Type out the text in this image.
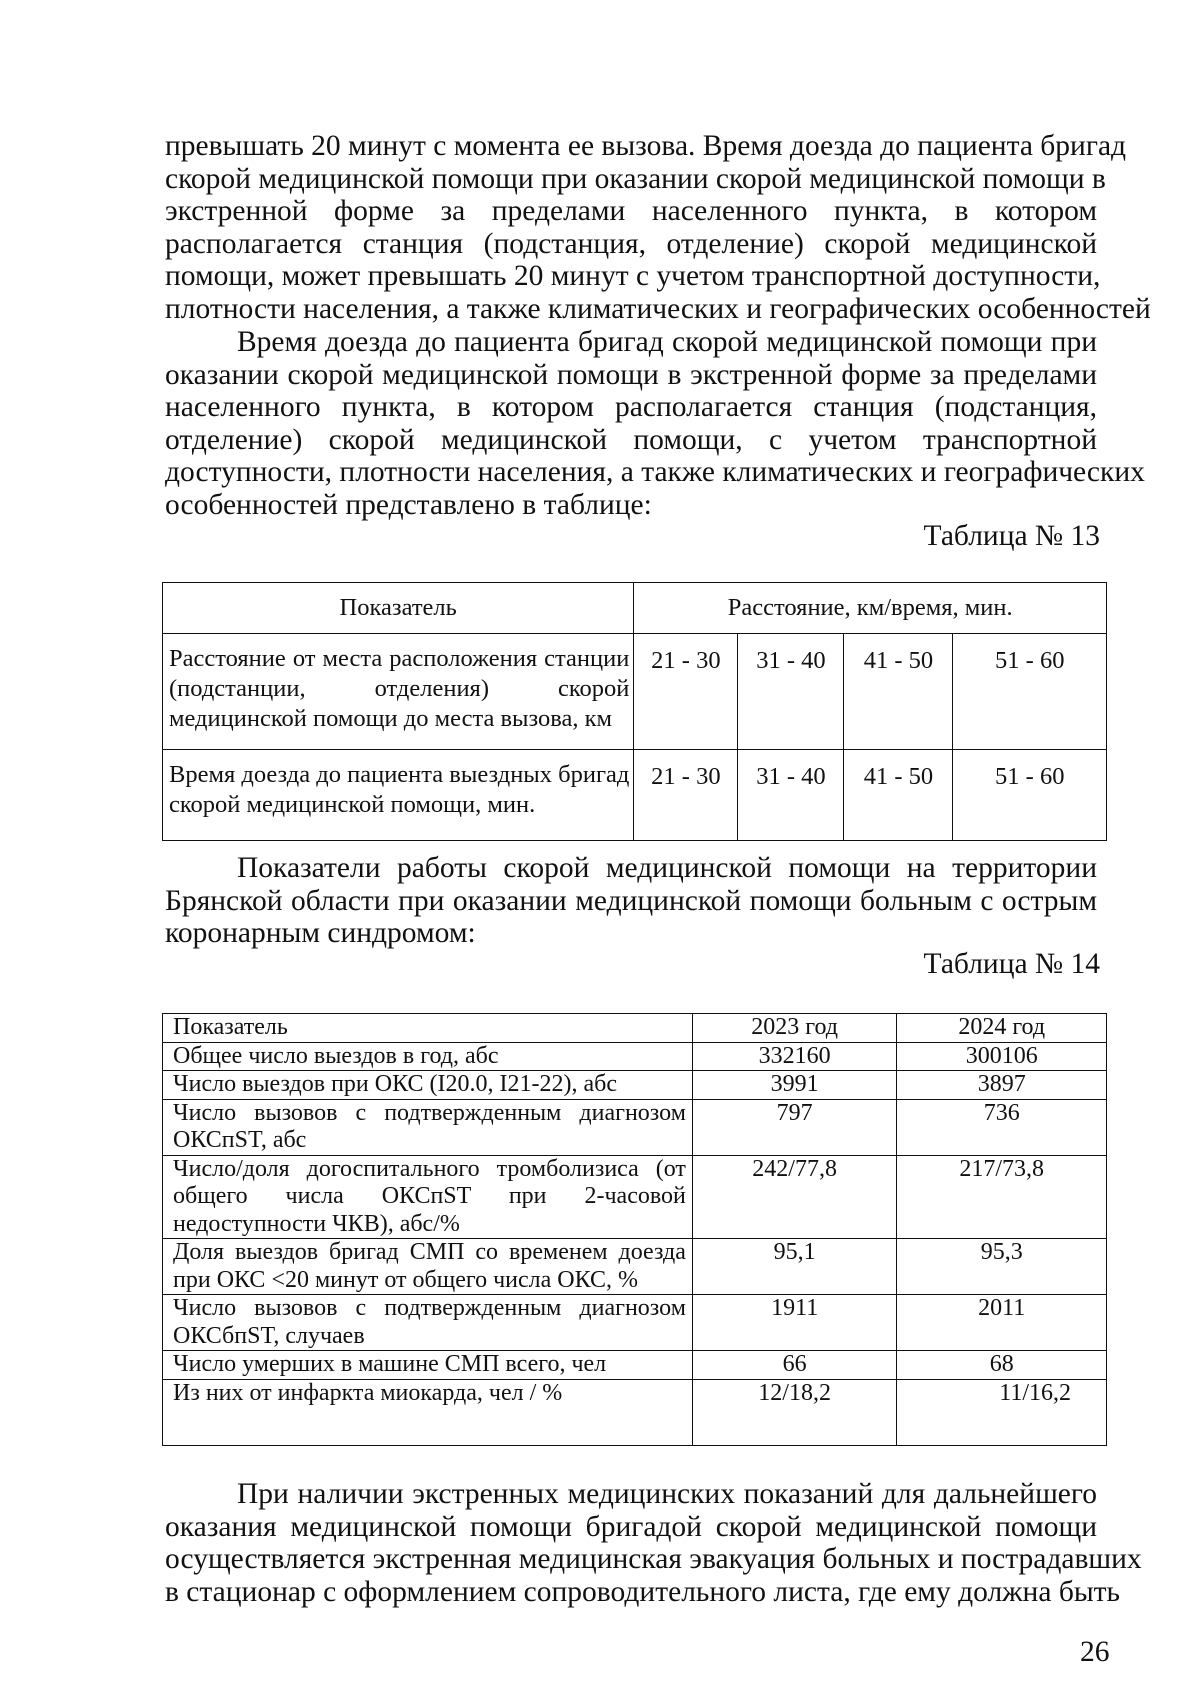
превышать 20 минут с момента ее вызова. Время доезда до пациента бригад
скорой медицинской помощи при оказании скорой медицинской помощи в
экстренной форме за пределами населенного пункта, в котором
располагается станция (подстанция, отделение) скорой медицинской
помощи, может превышать 20 минут с учетом транспортной доступности,
плотности населения, а также климатических и географических особенностей
Время доезда до пациента бригад скорой медицинской помощи при
оказании скорой медицинской помощи в экстренной форме за пределами
населенного пункта, в котором располагается станция (подстанция,
отделение) скорой медицинской помощи, с учетом транспортной
доступности, плотности населения, а также климатических и географических
особенностей представлено в таблице:

Таблица № 13

Показатель	Расстояние, км/время, мин.			

Расстояние от места расположения станции
(подстанции, отделения) скорой
медицинской помощи до места вызова, км	21 - 30	31 - 40	41 - 50	51 - 60

Время доезда до пациента выездных бригад
скорой медицинской помощи, мин.	21 - 30	31 - 40	41 - 50	51 - 60
Показатели работы скорой медицинской помощи на территории
Брянской области при оказании медицинской помощи больным с острым
коронарным синдромом:

Таблица № 14

Показатель	2023 год	2024 год

Общее число выездов в год, абс	332160	300106

Число выездов при ОКС (I20.0, I21-22), абс	3991	3897

Число вызовов с подтвержденным диагнозом
ОКСпST, абс	797	736

Число/доля догоспитального тромболизиса (от
общего числа ОКСпST при 2-часовой
недоступности ЧКВ), абс/%	242/77,8	217/73,8

Доля выездов бригад СМП со временем доезда
при ОКС <20 минут от общего числа ОКС, %	95,1	95,3

Число вызовов с подтвержденным диагнозом
ОКСбпST, случаев	1911	2011

Число умерших в машине СМП всего, чел	66	68

Из них от инфаркта миокарда, чел / %	12/18,2	11/16,2
При наличии экстренных медицинских показаний для дальнейшего
оказания медицинской помощи бригадой скорой медицинской помощи
осуществляется экстренная медицинская эвакуация больных и пострадавших
в стационар с оформлением сопроводительного листа, где ему должна быть
26
